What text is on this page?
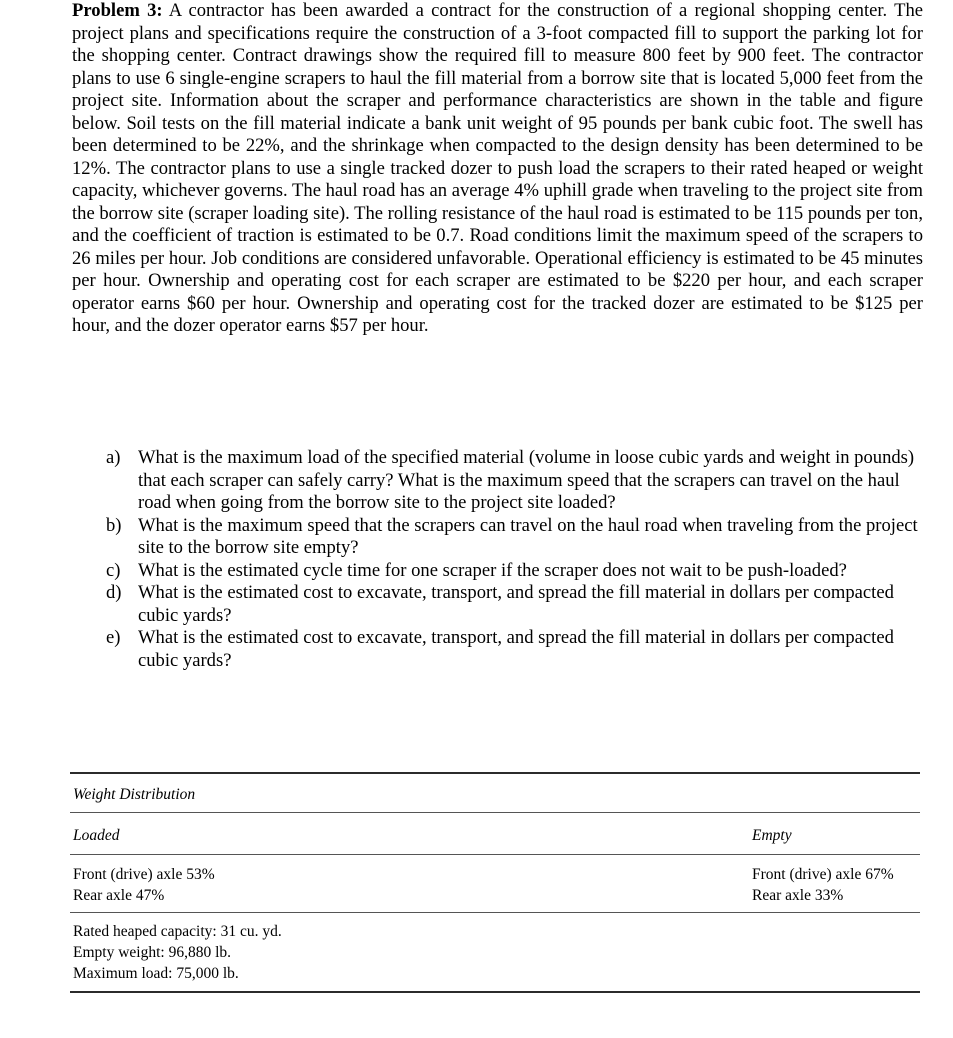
Problem 3: A contractor has been awarded a contract for the construction of a regional shopping center. The project plans and specifications require the construction of a 3-foot compacted fill to support the parking lot for the shopping center. Contract drawings show the required fill to measure 800 feet by 900 feet. The contractor plans to use 6 single-engine scrapers to haul the fill material from a borrow site that is located 5,000 feet from the project site. Information about the scraper and performance characteristics are shown in the table and figure below. Soil tests on the fill material indicate a bank unit weight of 95 pounds per bank cubic foot. The swell has been determined to be 22%, and the shrinkage when compacted to the design density has been determined to be 12%. The contractor plans to use a single tracked dozer to push load the scrapers to their rated heaped or weight capacity, whichever governs. The haul road has an average 4% uphill grade when traveling to the project site from the borrow site (scraper loading site). The rolling resistance of the haul road is estimated to be 115 pounds per ton, and the coefficient of traction is estimated to be 0.7. Road conditions limit the maximum speed of the scrapers to 26 miles per hour. Job conditions are considered unfavorable. Operational efficiency is estimated to be 45 minutes per hour. Ownership and operating cost for each scraper are estimated to be $220 per hour, and each scraper operator earns $60 per hour. Ownership and operating cost for the tracked dozer are estimated to be $125 per hour, and the dozer operator earns $57 per hour.

a) What is the maximum load of the specified material (volume in loose cubic yards and weight in pounds) that each scraper can safely carry? What is the maximum speed that the scrapers can travel on the haul road when going from the borrow site to the project site loaded?
b) What is the maximum speed that the scrapers can travel on the haul road when traveling from the project site to the borrow site empty?
c) What is the estimated cycle time for one scraper if the scraper does not wait to be push-loaded?
d) What is the estimated cost to excavate, transport, and spread the fill material in dollars per compacted cubic yards?
e) What is the estimated cost to excavate, transport, and spread the fill material in dollars per compacted cubic yards?
Weight Distribution
Loaded	Empty
Front (drive) axle 53%
Rear axle 47%
Front (drive) axle 67%
Rear axle 33%
Rated heaped capacity: 31 cu. yd.
Empty weight: 96,880 lb.
Maximum load: 75,000 lb.
